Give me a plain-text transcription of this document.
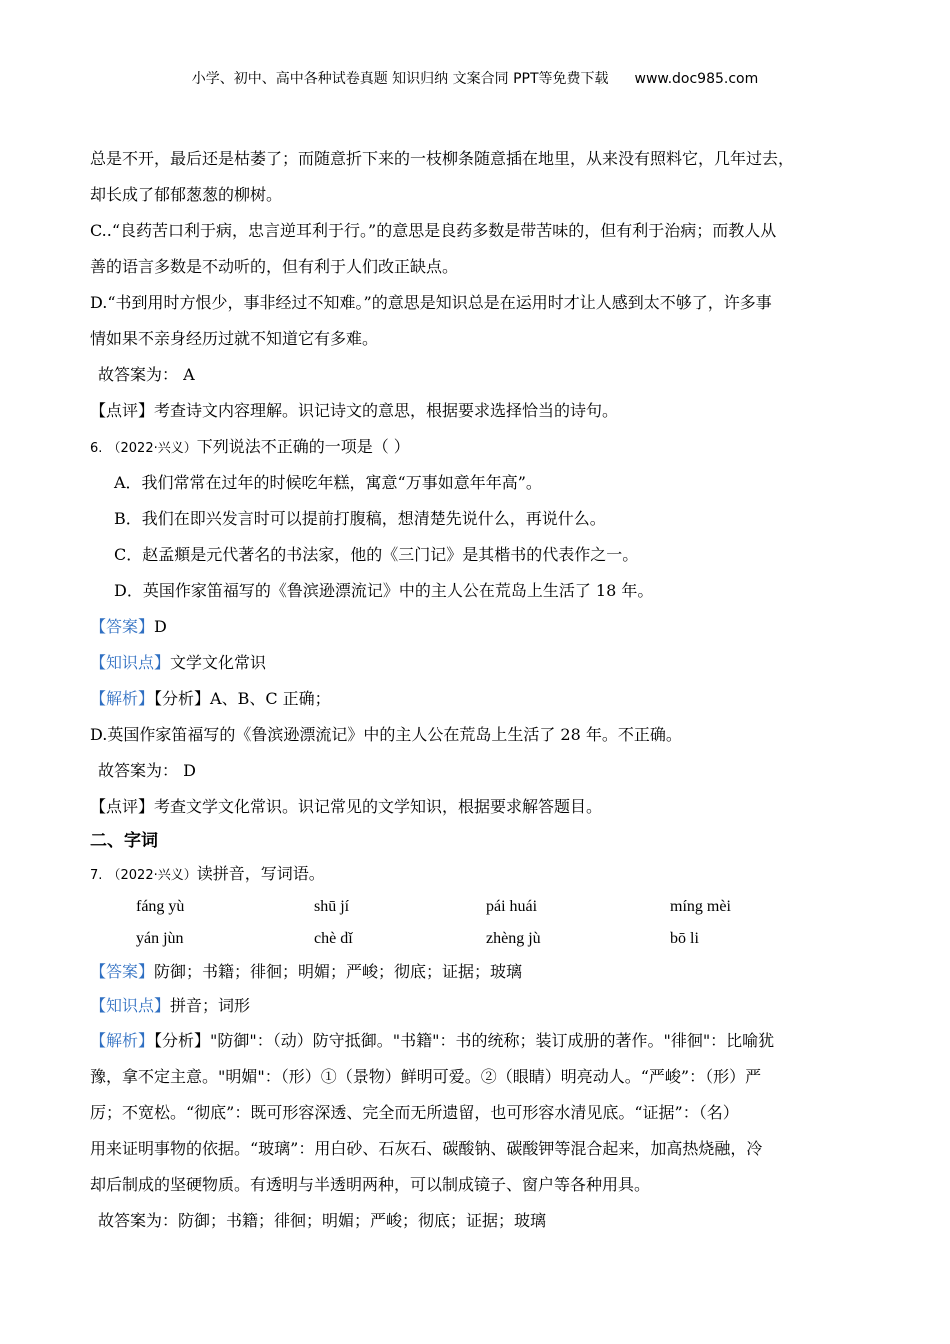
小学、初中、高中各种试卷真题 知识归纳 文案合同 PPT等免费下载 www.doc985.com
总是不开，最后还是枯萎了；而随意折下来的一枝柳条随意插在地里，从来没有照料它，几年过去，
却长成了郁郁葱葱的柳树。
C..“良药苦口利于病，忠言逆耳利于行。”的意思是良药多数是带苦味的，但有利于治病；而教人从
善的语言多数是不动听的，但有利于人们改正缺点。
D.“书到用时方恨少，事非经过不知难。”的意思是知识总是在运用时才让人感到太不够了，许多事
情如果不亲身经历过就不知道它有多难。
故答案为： A
【点评】考查诗文内容理解。识记诗文的意思，根据要求选择恰当的诗句。
6. （2022·兴义）下列说法不正确的一项是（ ）
A．我们常常在过年的时候吃年糕，寓意“万事如意年年高”。
B．我们在即兴发言时可以提前打腹稿，想清楚先说什么，再说什么。
C．赵孟頫是元代著名的书法家，他的《三门记》是其楷书的代表作之一。
D．英国作家笛福写的《鲁滨逊漂流记》中的主人公在荒岛上生活了 18 年。
【答案】D
【知识点】文学文化常识
【解析】【分析】A、B、C 正确；
D.英国作家笛福写的《鲁滨逊漂流记》中的主人公在荒岛上生活了 28 年。不正确。
故答案为： D
【点评】考查文学文化常识。识记常见的文学知识，根据要求解答题目。
二、字词
7. （2022·兴义）读拼音，写词语。
fáng yù	shū jí	pái huái	míng mèi
yán jùn	chè dǐ	zhèng jù	bō li
【答案】防御；书籍；徘徊；明媚；严峻；彻底；证据；玻璃
【知识点】拼音；词形
【解析】【分析】"防御"：（动）防守抵御。"书籍"：书的统称；装订成册的著作。"徘徊"：比喻犹
豫，拿不定主意。"明媚"：（形）①（景物）鲜明可爱。②（眼睛）明亮动人。“严峻”：（形）严
厉；不宽松。“彻底”：既可形容深透、完全而无所遗留，也可形容水清见底。“证据”：（名）
用来证明事物的依据。“玻璃”：用白砂、石灰石、碳酸钠、碳酸钾等混合起来，加高热烧融，冷
却后制成的坚硬物质。有透明与半透明两种，可以制成镜子、窗户等各种用具。
故答案为：防御；书籍；徘徊；明媚；严峻；彻底；证据；玻璃
